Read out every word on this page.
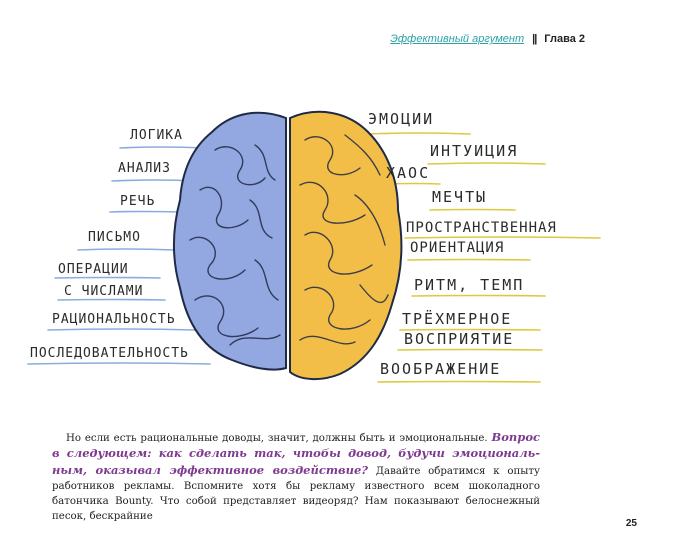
Эффективный аргумент || Глава 2
ЛОГИКА
АНАЛИЗ
РЕЧЬ
ПИСЬМО
ОПЕРАЦИИ
С ЧИСЛАМИ
РАЦИОНАЛЬНОСТЬ
ПОСЛЕДОВАТЕЛЬНОСТЬ
ЭМОЦИИ
ИНТУИЦИЯ
ХАОС
МЕЧТЫ
ПРОСТРАНСТВЕННАЯ
ОРИЕНТАЦИЯ
РИТМ, ТЕМП
ТРЁХМЕРНОЕ
ВОСПРИЯТИЕ
ВООБРАЖЕНИЕ
Но если есть рациональные доводы, значит, должны быть и эмоциональные. Вопрос в следующем: как сделать так, чтобы довод, будучи эмоциональ-ным, оказывал эффективное воздействие? Давайте обратимся к опыту работников рекламы. Вспомните хотя бы рекламу известного всем шоколадного батончика Bounty. Что собой представляет видеоряд? Нам показывают белоснежный песок, бескрайние
25
